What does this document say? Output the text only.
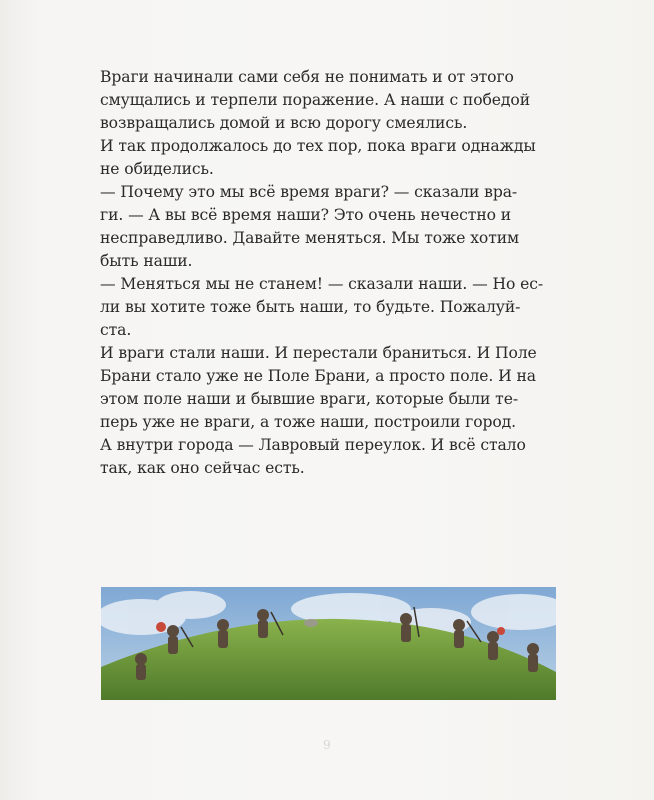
Враги начинали сами себя не понимать и от этого

смущались и терпели поражение. А наши с победой

возвращались домой и всю дорогу смеялись.

И так продолжалось до тех пор, пока враги однажды

не обиделись.

— Почему это мы всё время враги? — сказали вра-

ги. — А вы всё время наши? Это очень нечестно и

несправедливо. Давайте меняться. Мы тоже хотим

быть наши.

— Меняться мы не станем! — сказали наши. — Но ес-

ли вы хотите тоже быть наши, то будьте. Пожалуй-

ста.

И враги стали наши. И перестали браниться. И Поле

Брани стало уже не Поле Брани, а просто поле. И на

этом поле наши и бывшие враги, которые были те-

перь уже не враги, а тоже наши, построили город.

А внутри города — Лавровый переулок. И всё стало

так, как оно сейчас есть.

9
